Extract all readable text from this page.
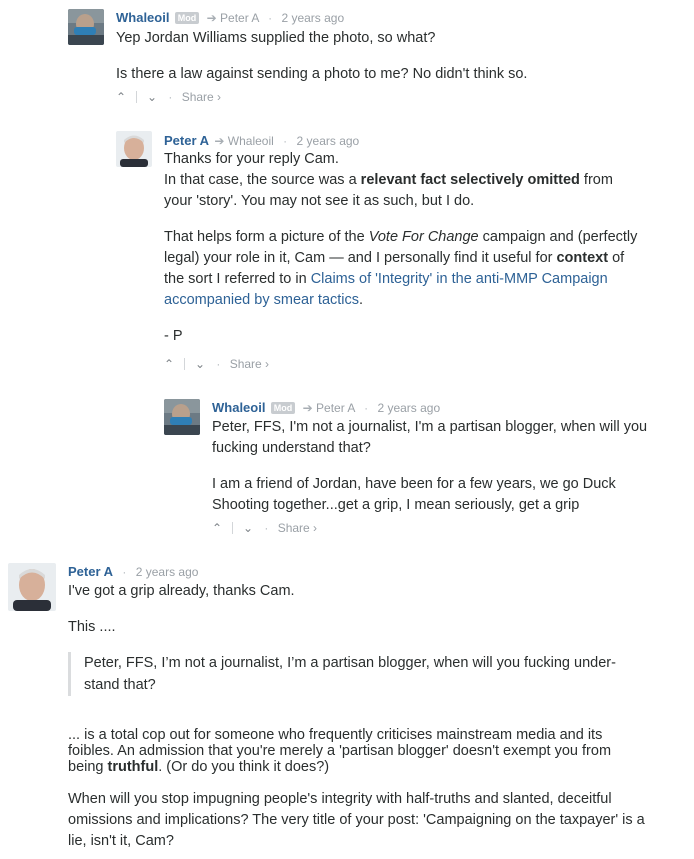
Whaleoil Mod ➔ Peter A · 2 years ago

Yep Jordan Williams supplied the photo, so what?

Is there a law against sending a photo to me? No didn't think so.

⌃ ⌄ · Share ›
Peter A ➔ Whaleoil · 2 years ago

Thanks for your reply Cam.
In that case, the source was a relevant fact selectively omitted from your 'story'. You may not see it as such, but I do.

That helps form a picture of the Vote For Change campaign and (perfectly legal) your role in it, Cam — and I personally find it useful for context of the sort I referred to in Claims of 'Integrity' in the anti-MMP Campaign accompanied by smear tactics.

- P

⌃ ⌄ · Share ›
Whaleoil Mod ➔ Peter A · 2 years ago

Peter, FFS, I'm not a journalist, I'm a partisan blogger, when will you fucking understand that?

I am a friend of Jordan, have been for a few years, we go Duck Shooting together...get a grip, I mean seriously, get a grip

⌃ ⌄ · Share ›
Peter A · 2 years ago

I've got a grip already, thanks Cam.

This ....

Peter, FFS, I’m not a journalist, I’m a partisan blogger, when will you fucking understand that?

... is a total cop out for someone who frequently criticises mainstream media and its foibles. An admission that you're merely a 'partisan blogger' doesn't exempt you from being truthful. (Or do you think it does?)

When will you stop impugning people's integrity with half-truths and slanted, deceitful omissions and implications? The very title of your post: 'Campaigning on the taxpayer' is a lie, isn't it, Cam?
